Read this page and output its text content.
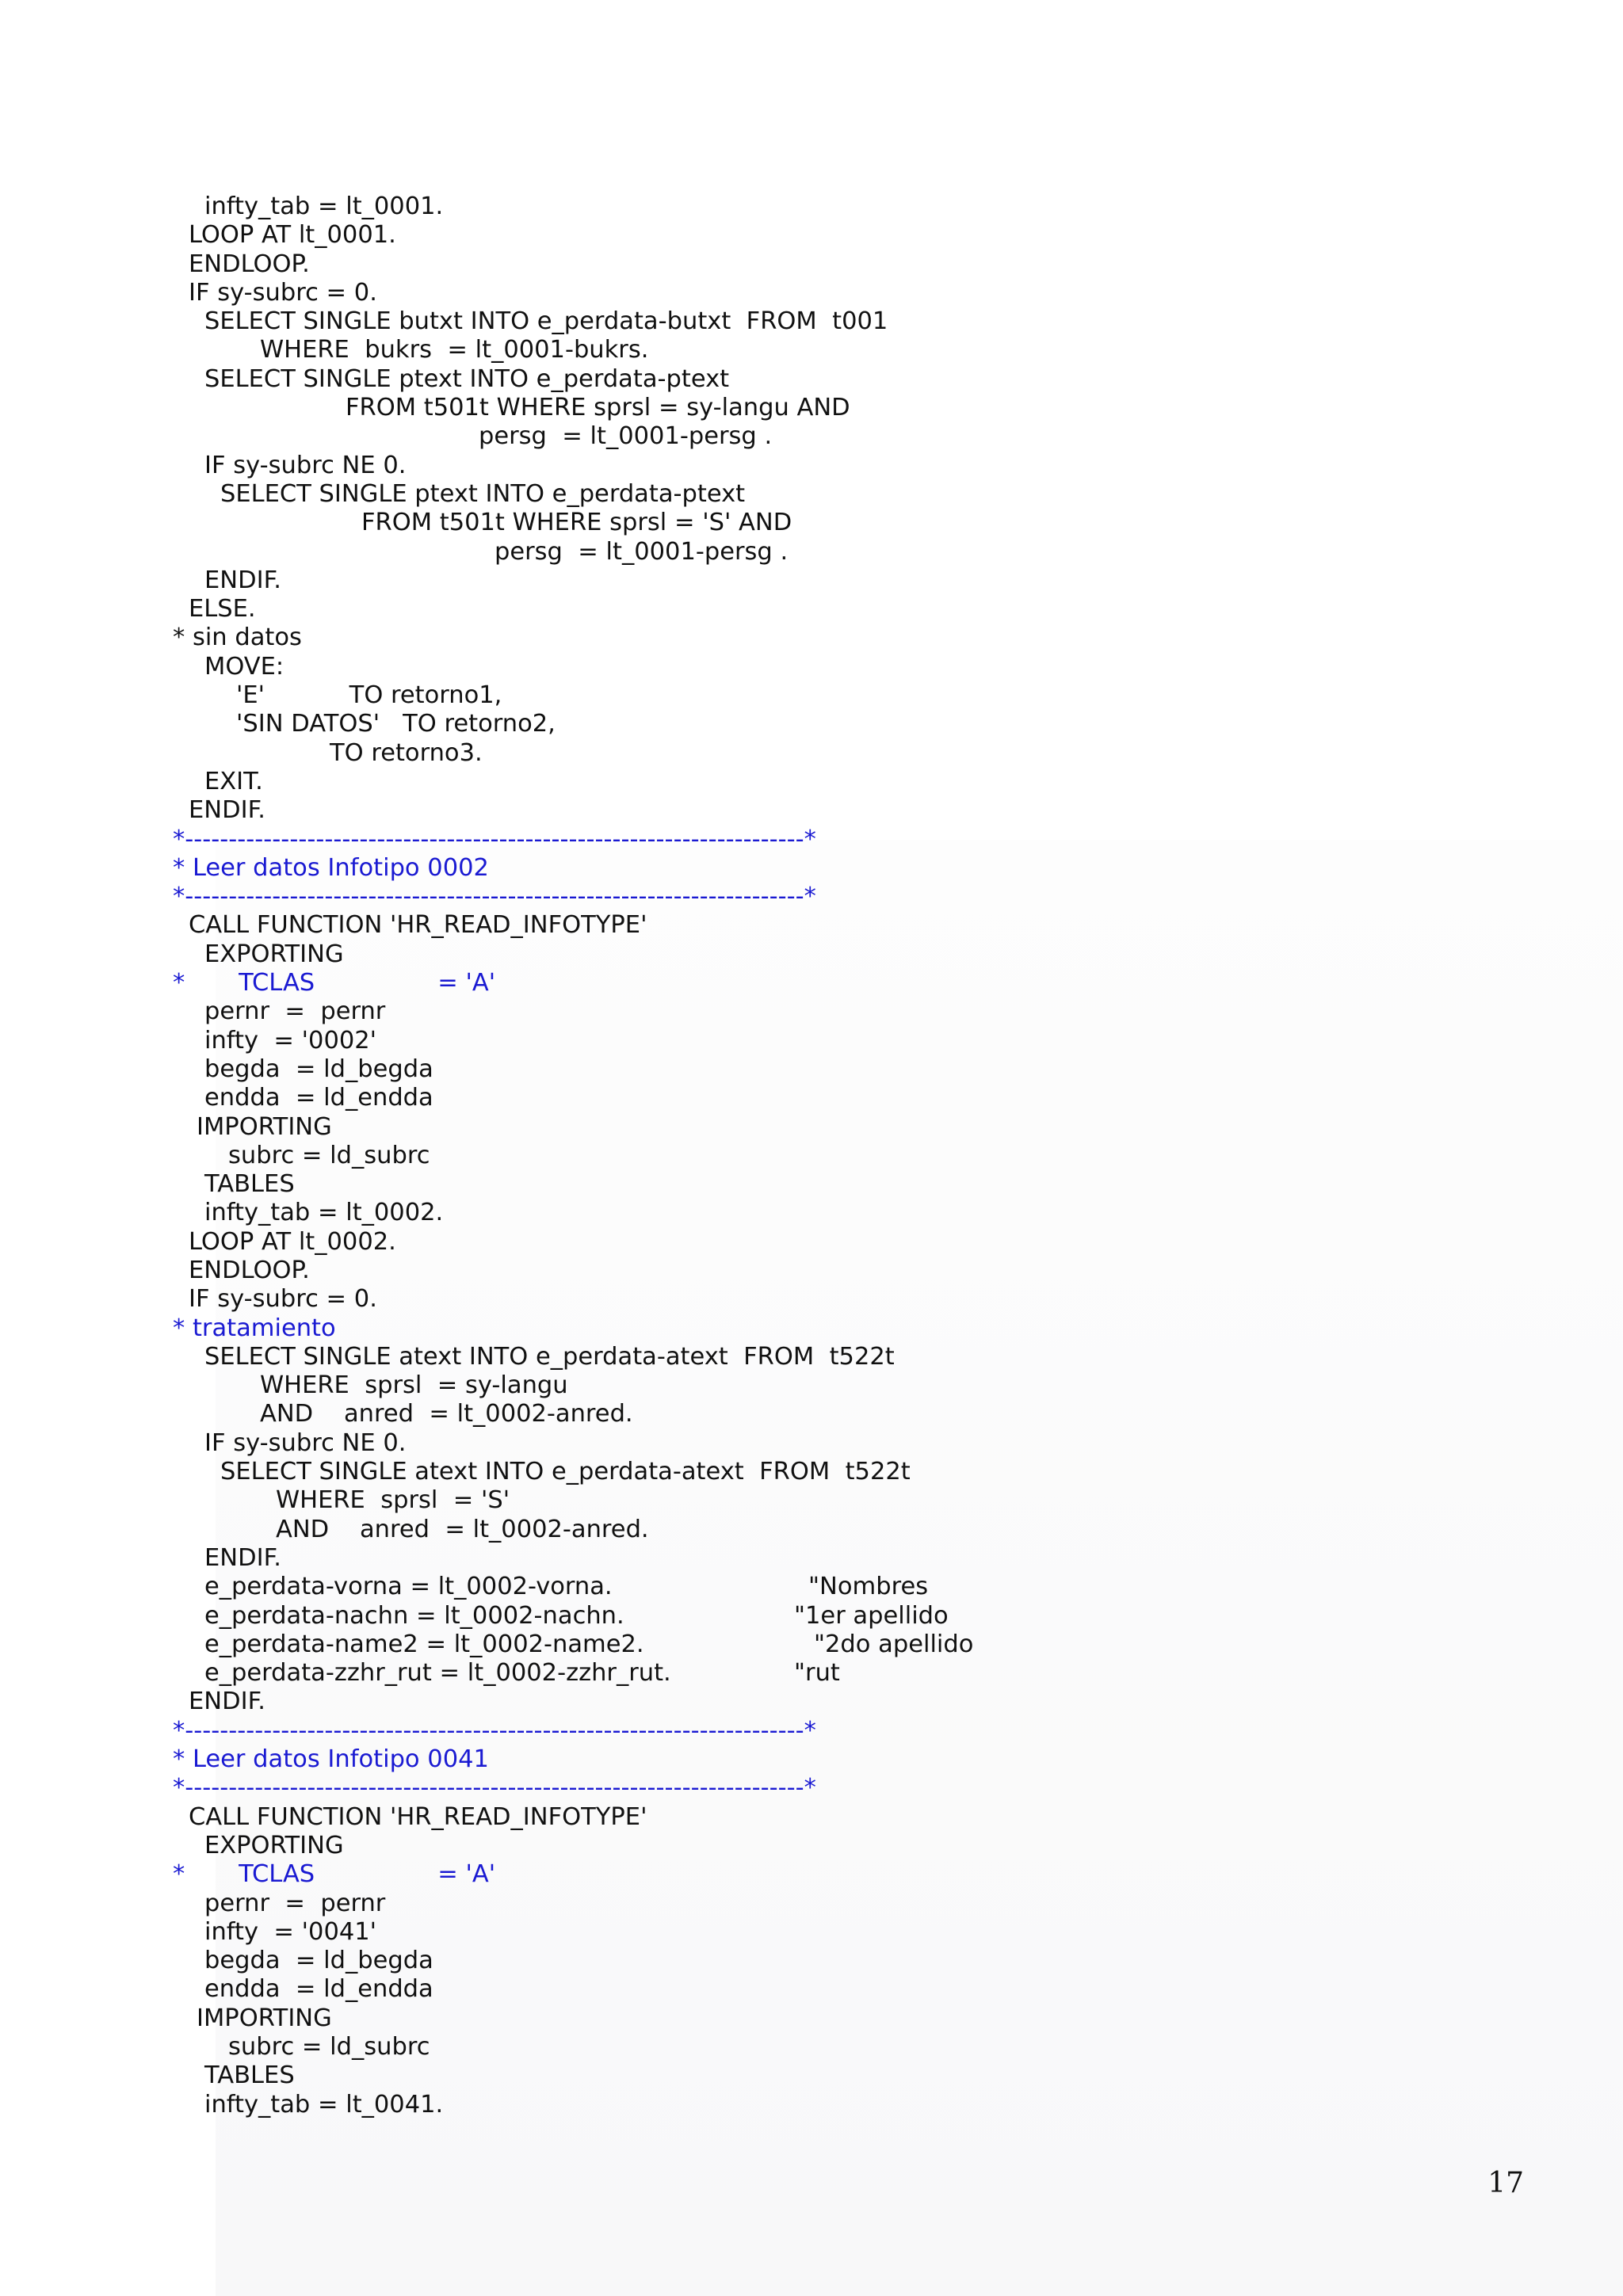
infty_tab = lt_0001.
LOOP AT lt_0001.
ENDLOOP.
IF sy-subrc = 0.
SELECT SINGLE butxt INTO e_perdata-butxt  FROM  t001
WHERE  bukrs  = lt_0001-bukrs.
SELECT SINGLE ptext INTO e_perdata-ptext
FROM t501t WHERE sprsl = sy-langu AND
persg  = lt_0001-persg .
IF sy-subrc NE 0.
SELECT SINGLE ptext INTO e_perdata-ptext
FROM t501t WHERE sprsl = 'S' AND
persg  = lt_0001-persg .
ENDIF.
ELSE.
* sin datos
MOVE:
'E'           TO retorno1,
'SIN DATOS'   TO retorno2,
TO retorno3.
EXIT.
ENDIF.
*-----------------------------------------------------------------------*
* Leer datos Infotipo 0002
*-----------------------------------------------------------------------*
CALL FUNCTION 'HR_READ_INFOTYPE'
EXPORTING
*       TCLAS                = 'A'
pernr  =  pernr
infty  = '0002'
begda  = ld_begda
endda  = ld_endda
IMPORTING
subrc = ld_subrc
TABLES
infty_tab = lt_0002.
LOOP AT lt_0002.
ENDLOOP.
IF sy-subrc = 0.
* tratamiento
SELECT SINGLE atext INTO e_perdata-atext  FROM  t522t
WHERE  sprsl  = sy-langu
AND    anred  = lt_0002-anred.
IF sy-subrc NE 0.
SELECT SINGLE atext INTO e_perdata-atext  FROM  t522t
WHERE  sprsl  = 'S'
AND    anred  = lt_0002-anred.
ENDIF.
e_perdata-vorna = lt_0002-vorna.	"Nombres
e_perdata-nachn = lt_0002-nachn.	"1er apellido
e_perdata-name2 = lt_0002-name2.	"2do apellido
e_perdata-zzhr_rut = lt_0002-zzhr_rut.	"rut
ENDIF.
*-----------------------------------------------------------------------*
* Leer datos Infotipo 0041
*-----------------------------------------------------------------------*
CALL FUNCTION 'HR_READ_INFOTYPE'
EXPORTING
*       TCLAS                = 'A'
pernr  =  pernr
infty  = '0041'
begda  = ld_begda
endda  = ld_endda
IMPORTING
subrc = ld_subrc
TABLES
infty_tab = lt_0041.
17
